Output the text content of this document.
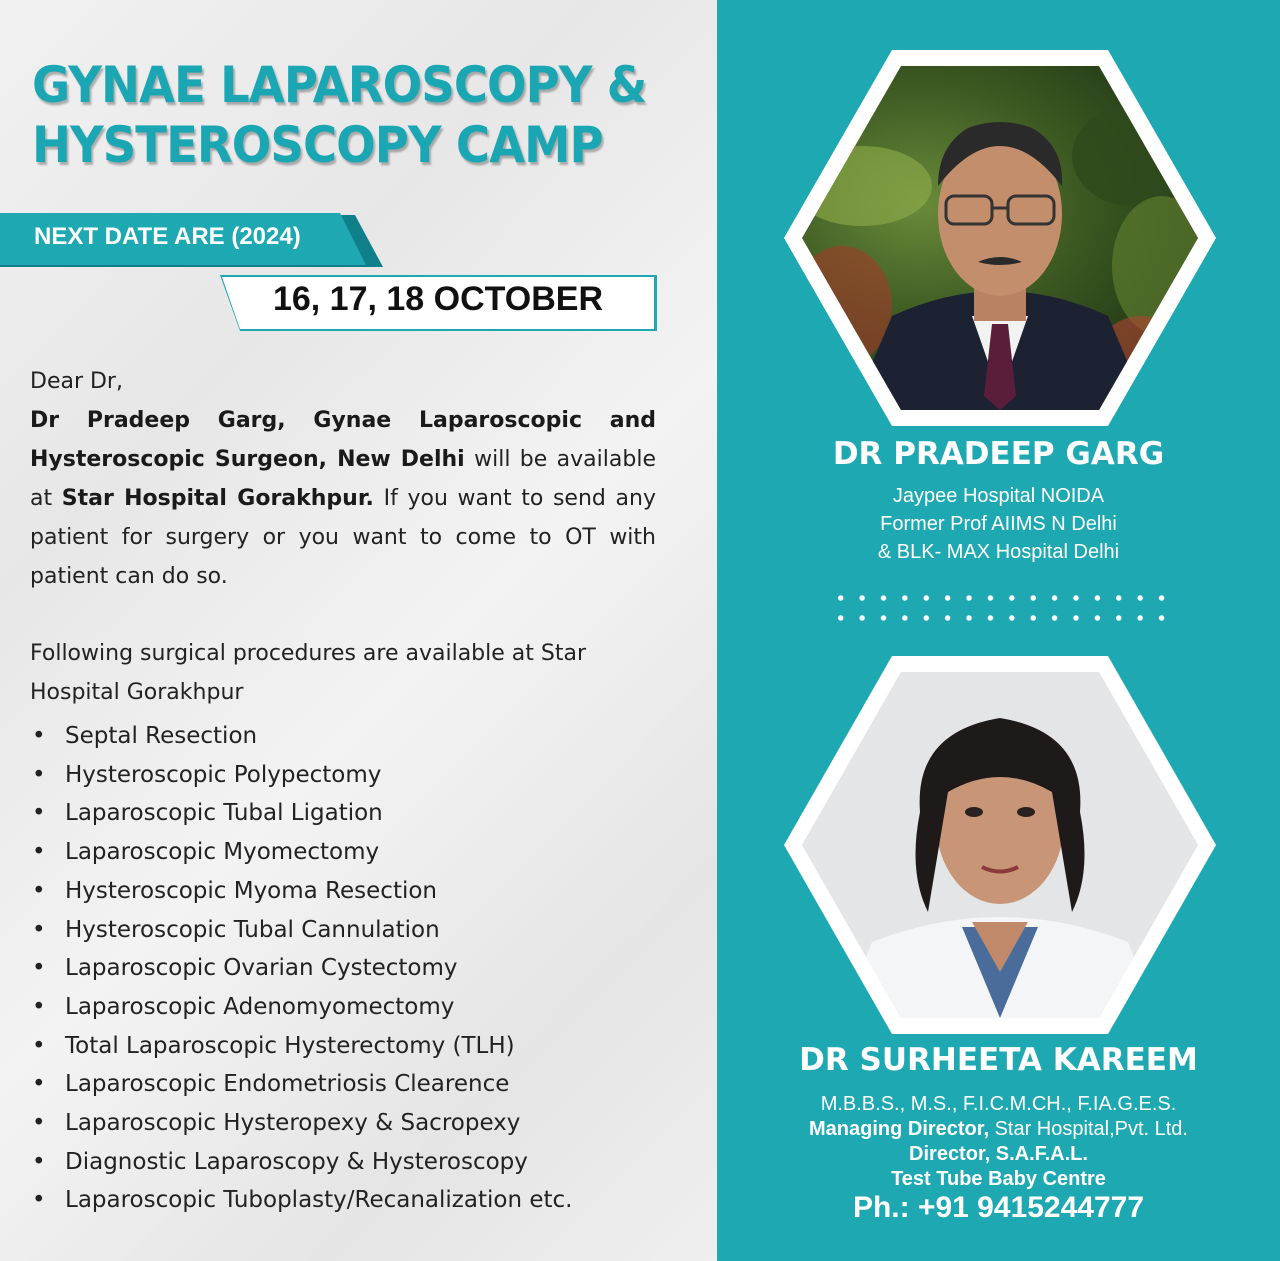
GYNAE LAPAROSCOPY &
HYSTEROSCOPY CAMP
NEXT DATE ARE (2024)
16, 17, 18 OCTOBER

Dear Dr,

Dr Pradeep Garg, Gynae Laparoscopic and Hysteroscopic Surgeon, New Delhi will be available at Star Hospital Gorakhpur. If you want to send any patient for surgery or you want to come to OT with patient can do so.

Following surgical procedures are available at Star Hospital Gorakhpur

• Septal Resection
• Hysteroscopic Polypectomy
• Laparoscopic Tubal Ligation
• Laparoscopic Myomectomy
• Hysteroscopic Myoma Resection
• Hysteroscopic Tubal Cannulation
• Laparoscopic Ovarian Cystectomy
• Laparoscopic Adenomyomectomy
• Total Laparoscopic Hysterectomy (TLH)
• Laparoscopic Endometriosis Clearence
• Laparoscopic Hysteropexy & Sacropexy
• Diagnostic Laparoscopy & Hysteroscopy
• Laparoscopic Tuboplasty/Recanalization etc.
DR PRADEEP GARG
Jaypee Hospital NOIDA
Former Prof AIIMS N Delhi
& BLK- MAX Hospital Delhi
DR SURHEETA KAREEM
M.B.B.S., M.S., F.I.C.M.CH., F.IA.G.E.S.
Managing Director, Star Hospital,Pvt. Ltd.
Director, S.A.F.A.L.
Test Tube Baby Centre
Ph.: +91 9415244777
